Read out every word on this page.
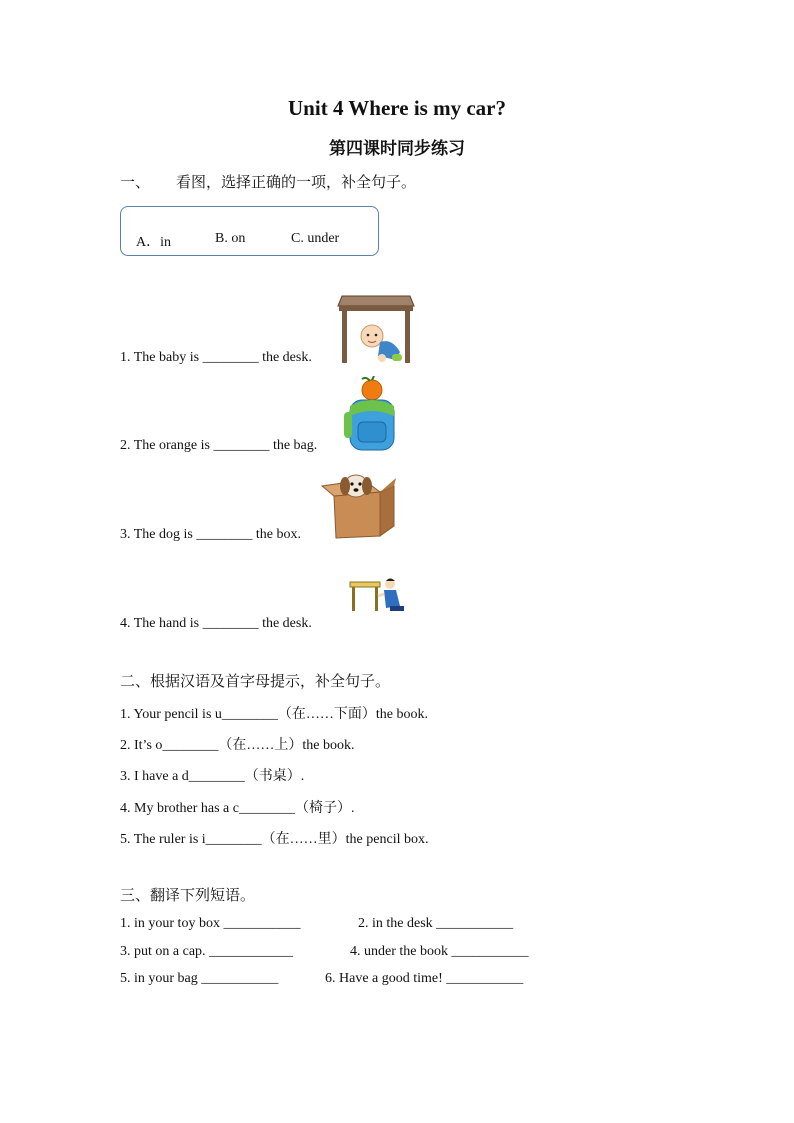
Unit 4 Where is my car?
第四课时同步练习
一、 看图，选择正确的一项，补全句子。
A．in	B. on	C. under
1. The baby is ________ the desk.
2. The orange is ________ the bag.
3. The dog is ________ the box.
4. The hand is ________ the desk.
二、根据汉语及首字母提示，补全句子。
1. Your pencil is u________（在……下面）the book.
2. It’s o________（在……上）the book.
3. I have a d________（书桌）.
4. My brother has a c________（椅子）.
5. The ruler is i________（在……里）the pencil box.
三、翻译下列短语。
1. in your toy box ___________	2. in the desk ___________
3. put on a cap. ____________	4. under the book ___________
5. in your bag ___________	6. Have a good time! ___________
